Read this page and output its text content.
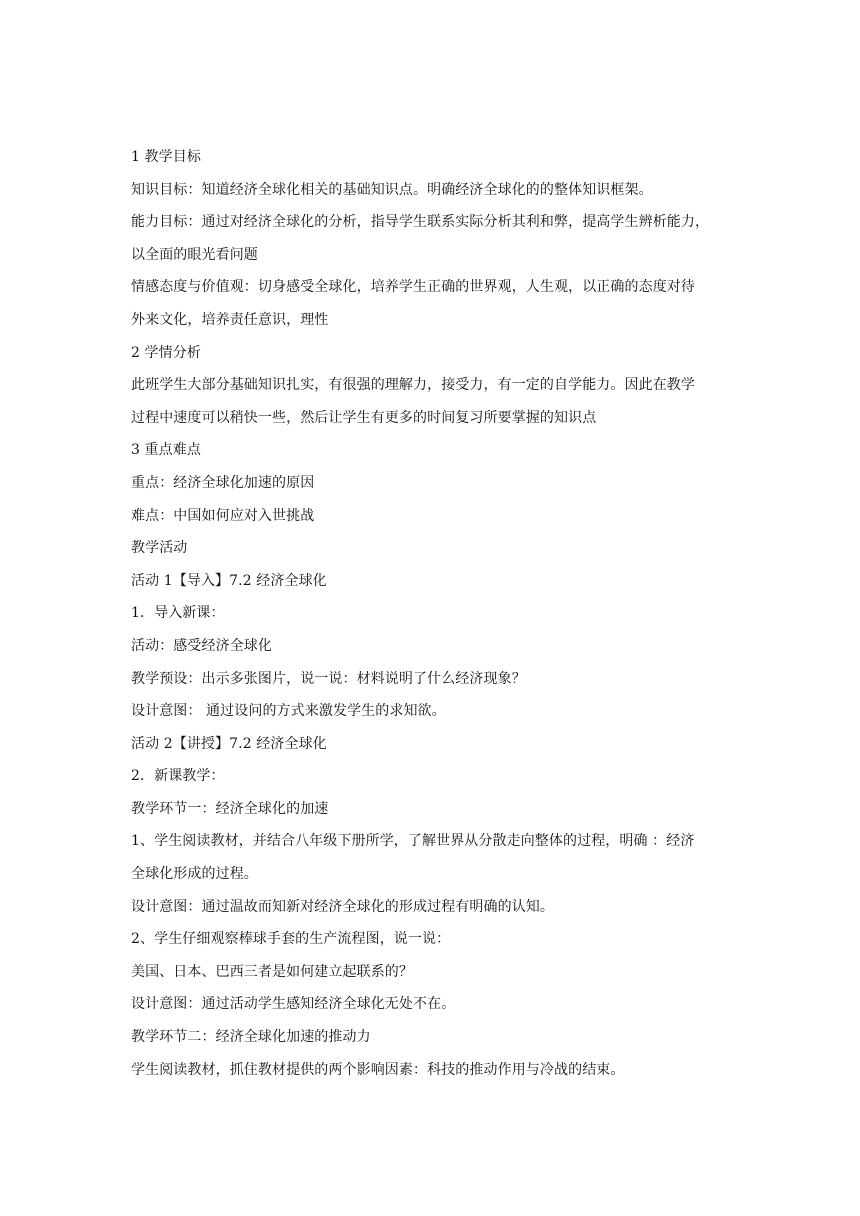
1 教学目标
知识目标：知道经济全球化相关的基础知识点。明确经济全球化的的整体知识框架。
能力目标：通过对经济全球化的分析，指导学生联系实际分析其利和弊，提高学生辨析能力，
以全面的眼光看问题
情感态度与价值观：切身感受全球化，培养学生正确的世界观，人生观，以正确的态度对待
外来文化，培养责任意识，理性
2 学情分析
此班学生大部分基础知识扎实，有很强的理解力，接受力，有一定的自学能力。因此在教学
过程中速度可以稍快一些，然后让学生有更多的时间复习所要掌握的知识点
3 重点难点
重点：经济全球化加速的原因
难点：中国如何应对入世挑战
教学活动
活动 1【导入】7.2 经济全球化
1．导入新课：
活动：感受经济全球化
教学预设：出示多张图片，说一说：材料说明了什么经济现象？
设计意图： 通过设问的方式来激发学生的求知欲。
活动 2【讲授】7.2 经济全球化
2．新课教学：
教学环节一：经济全球化的加速
1、学生阅读教材，并结合八年级下册所学，了解世界从分散走向整体的过程，明确 ：经济
全球化形成的过程。
设计意图：通过温故而知新对经济全球化的形成过程有明确的认知。
2、学生仔细观察棒球手套的生产流程图，说一说：
美国、日本、巴西三者是如何建立起联系的？
设计意图：通过活动学生感知经济全球化无处不在。
教学环节二：经济全球化加速的推动力
学生阅读教材，抓住教材提供的两个影响因素：科技的推动作用与冷战的结束。
